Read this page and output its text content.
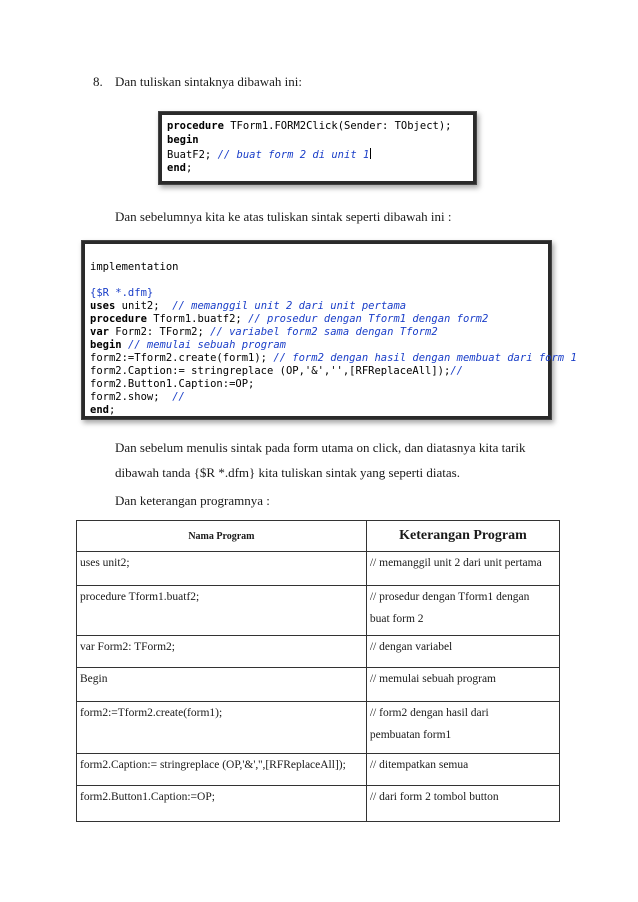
8. Dan tuliskan sintaknya dibawah ini:
procedure TForm1.FORM2Click(Sender: TObject);
begin
BuatF2; // buat form 2 di unit 1
end;
Dan sebelumnya kita ke atas tuliskan sintak seperti dibawah ini :
implementation
{$R *.dfm}
uses unit2;  // memanggil unit 2 dari unit pertama
procedure Tform1.buatf2; // prosedur dengan Tform1 dengan form2
var Form2: TForm2; // variabel form2 sama dengan Tform2
begin // memulai sebuah program
form2:=Tform2.create(form1); // form2 dengan hasil dengan membuat dari form 1
form2.Caption:= stringreplace (OP,'&','',[RFReplaceAll]);//
form2.Button1.Caption:=OP;
form2.show;  //
end;
Dan sebelum menulis sintak pada form utama on click, dan diatasnya kita tarik
dibawah tanda {$R *.dfm} kita tuliskan sintak yang seperti diatas.
Dan keterangan programnya :
Nama Program	Keterangan Program
uses unit2;	// memanggil unit 2 dari unit pertama

procedure Tform1.buatf2;	// prosedur dengan Tform1 dengan
buat form 2

var Form2: TForm2;	// dengan variabel

Begin	// memulai sebuah program

form2:=Tform2.create(form1);	// form2 dengan hasil dari
pembuatan form1

form2.Caption:= stringreplace (OP,'&','',[RFReplaceAll]);	// ditempatkan semua

form2.Button1.Caption:=OP;	// dari form 2 tombol button
